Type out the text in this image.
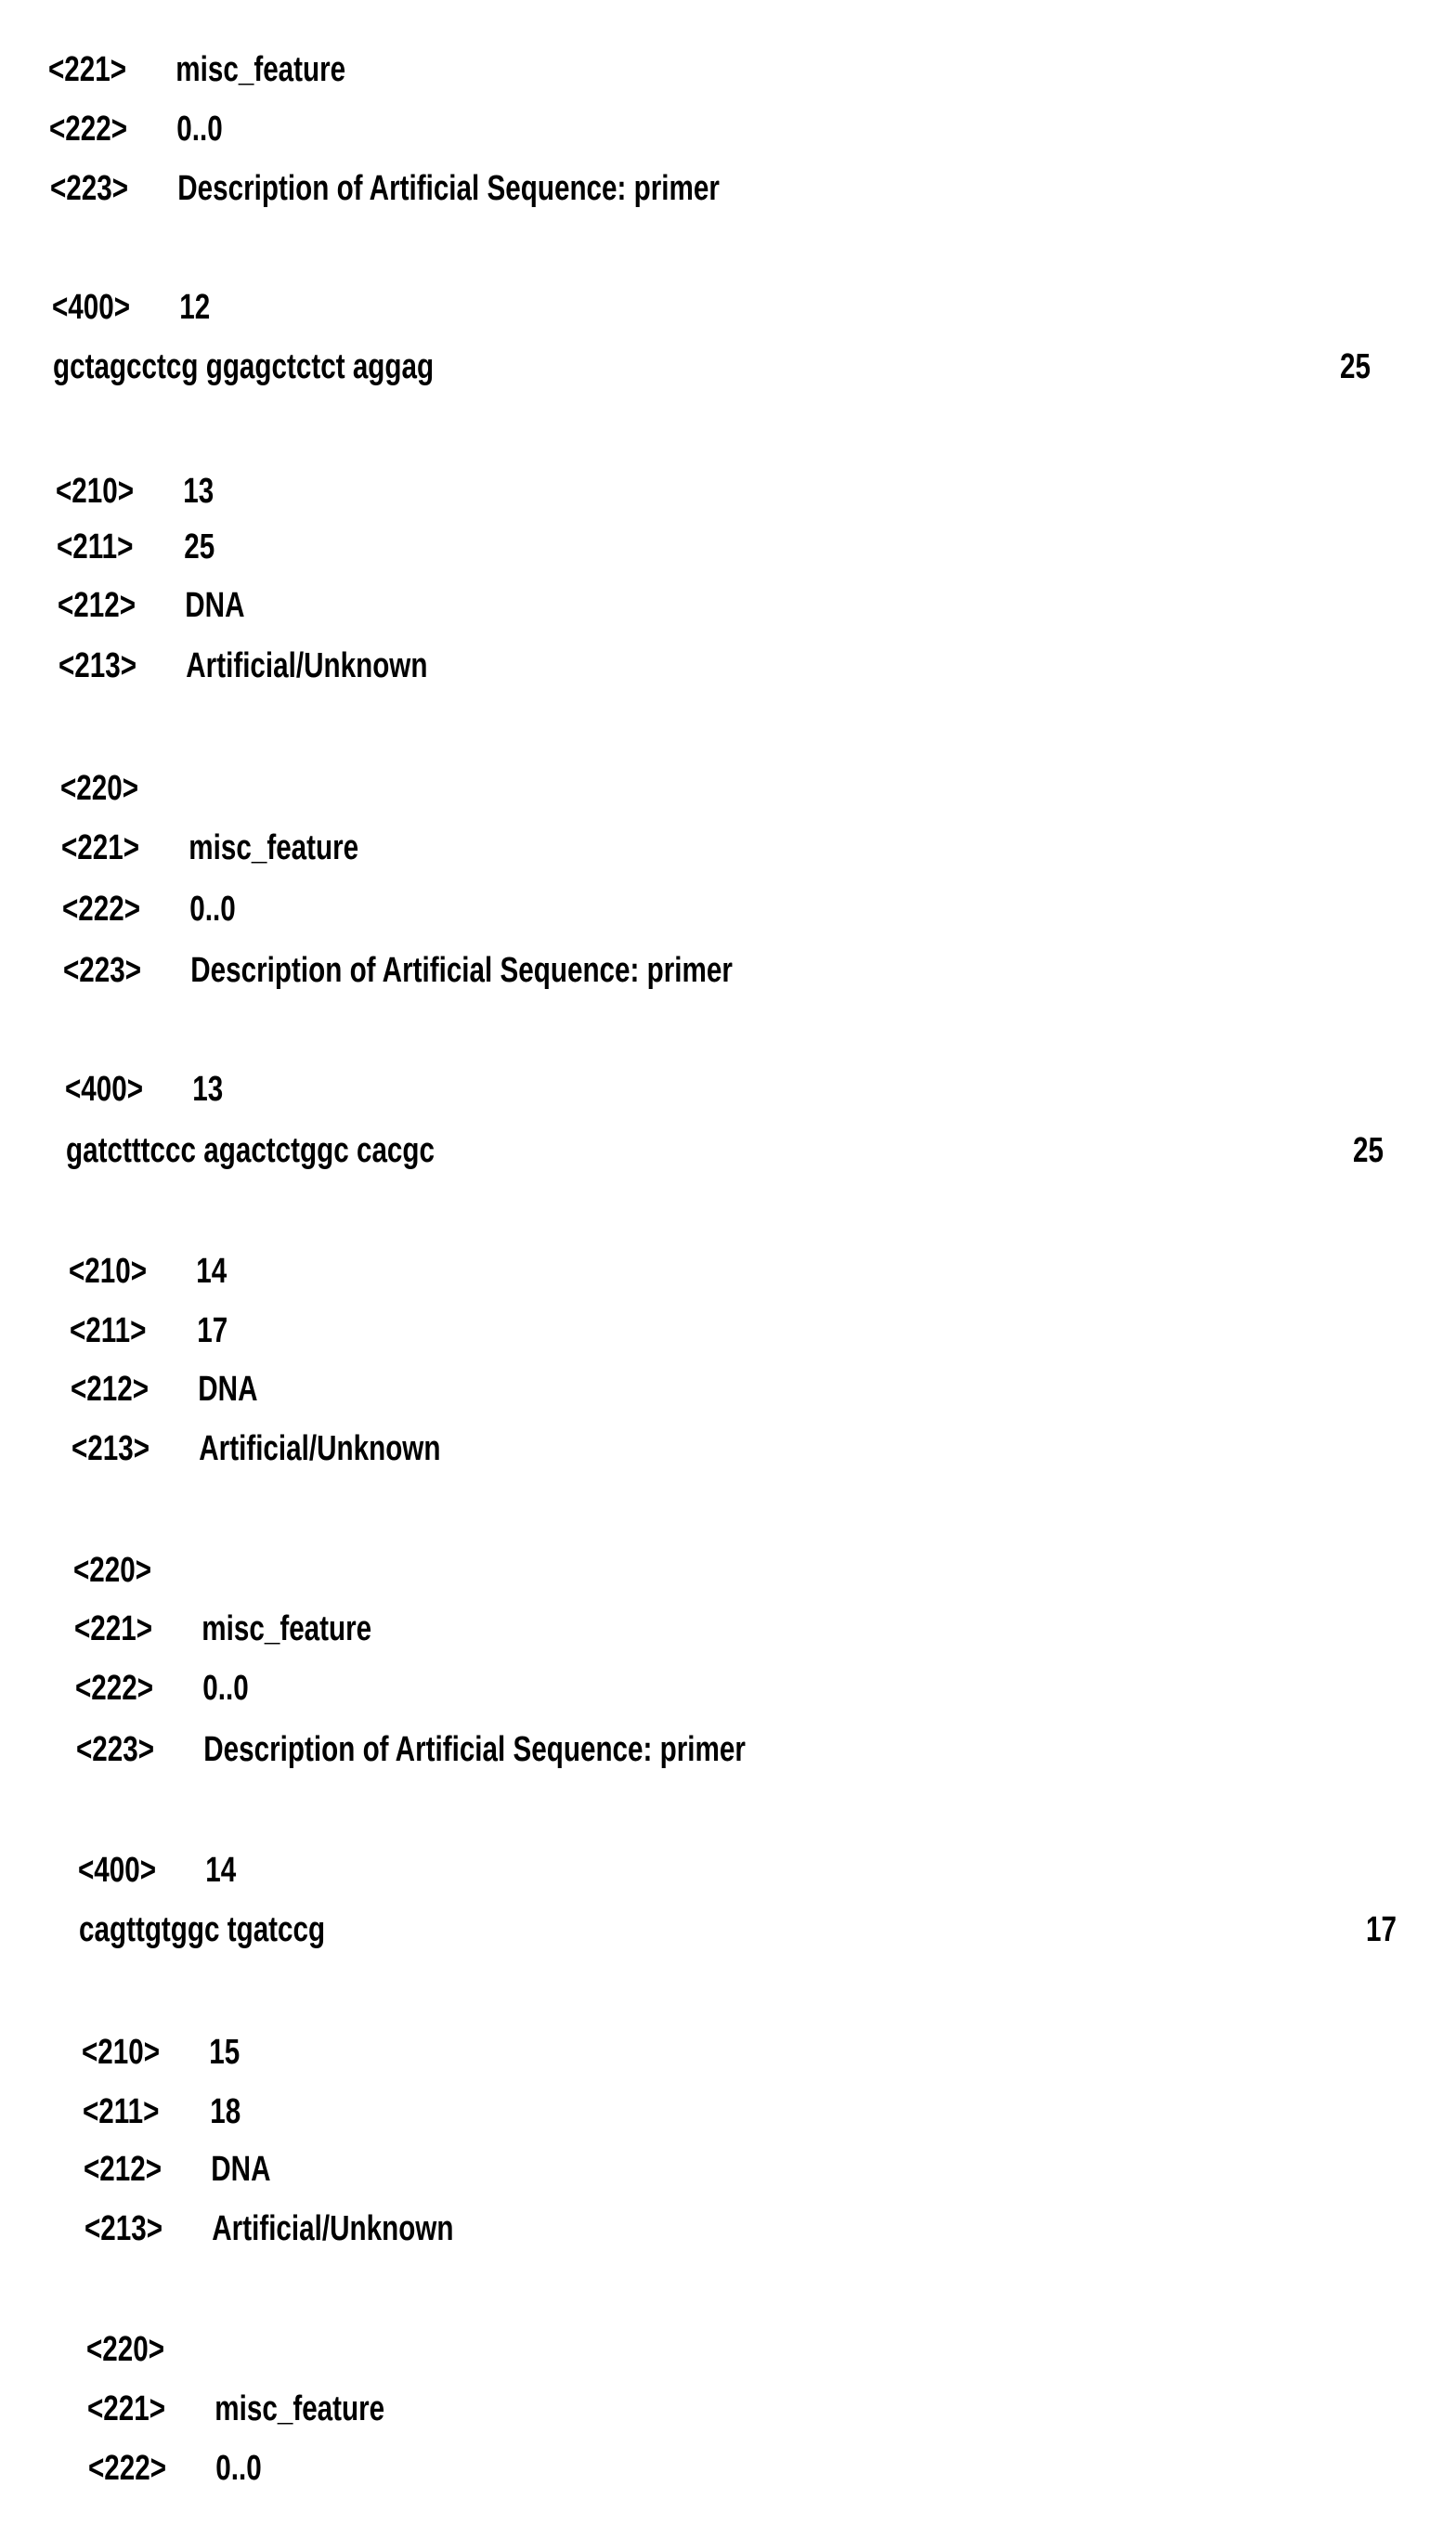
<221> misc_feature
<222> 0..0
<223> Description of Artificial Sequence: primer
<400> 12
25
gctagcctcg ggagctctct aggag
<210> 13
<211> 25
<212> DNA
<213> Artificial/Unknown
<220>
<221> misc_feature
<222> 0..0
<223> Description of Artificial Sequence: primer
<400> 13
25
gatctttccc agactctggc cacgc
<210> 14
<211> 17
<212> DNA
<213> Artificial/Unknown
<220>
<221> misc_feature
<222> 0..0
<223> Description of Artificial Sequence: primer
<400> 14
17
cagttgtggc tgatccg
<210> 15
<211> 18
<212> DNA
<213> Artificial/Unknown
<220>
<221> misc_feature
<222> 0..0
